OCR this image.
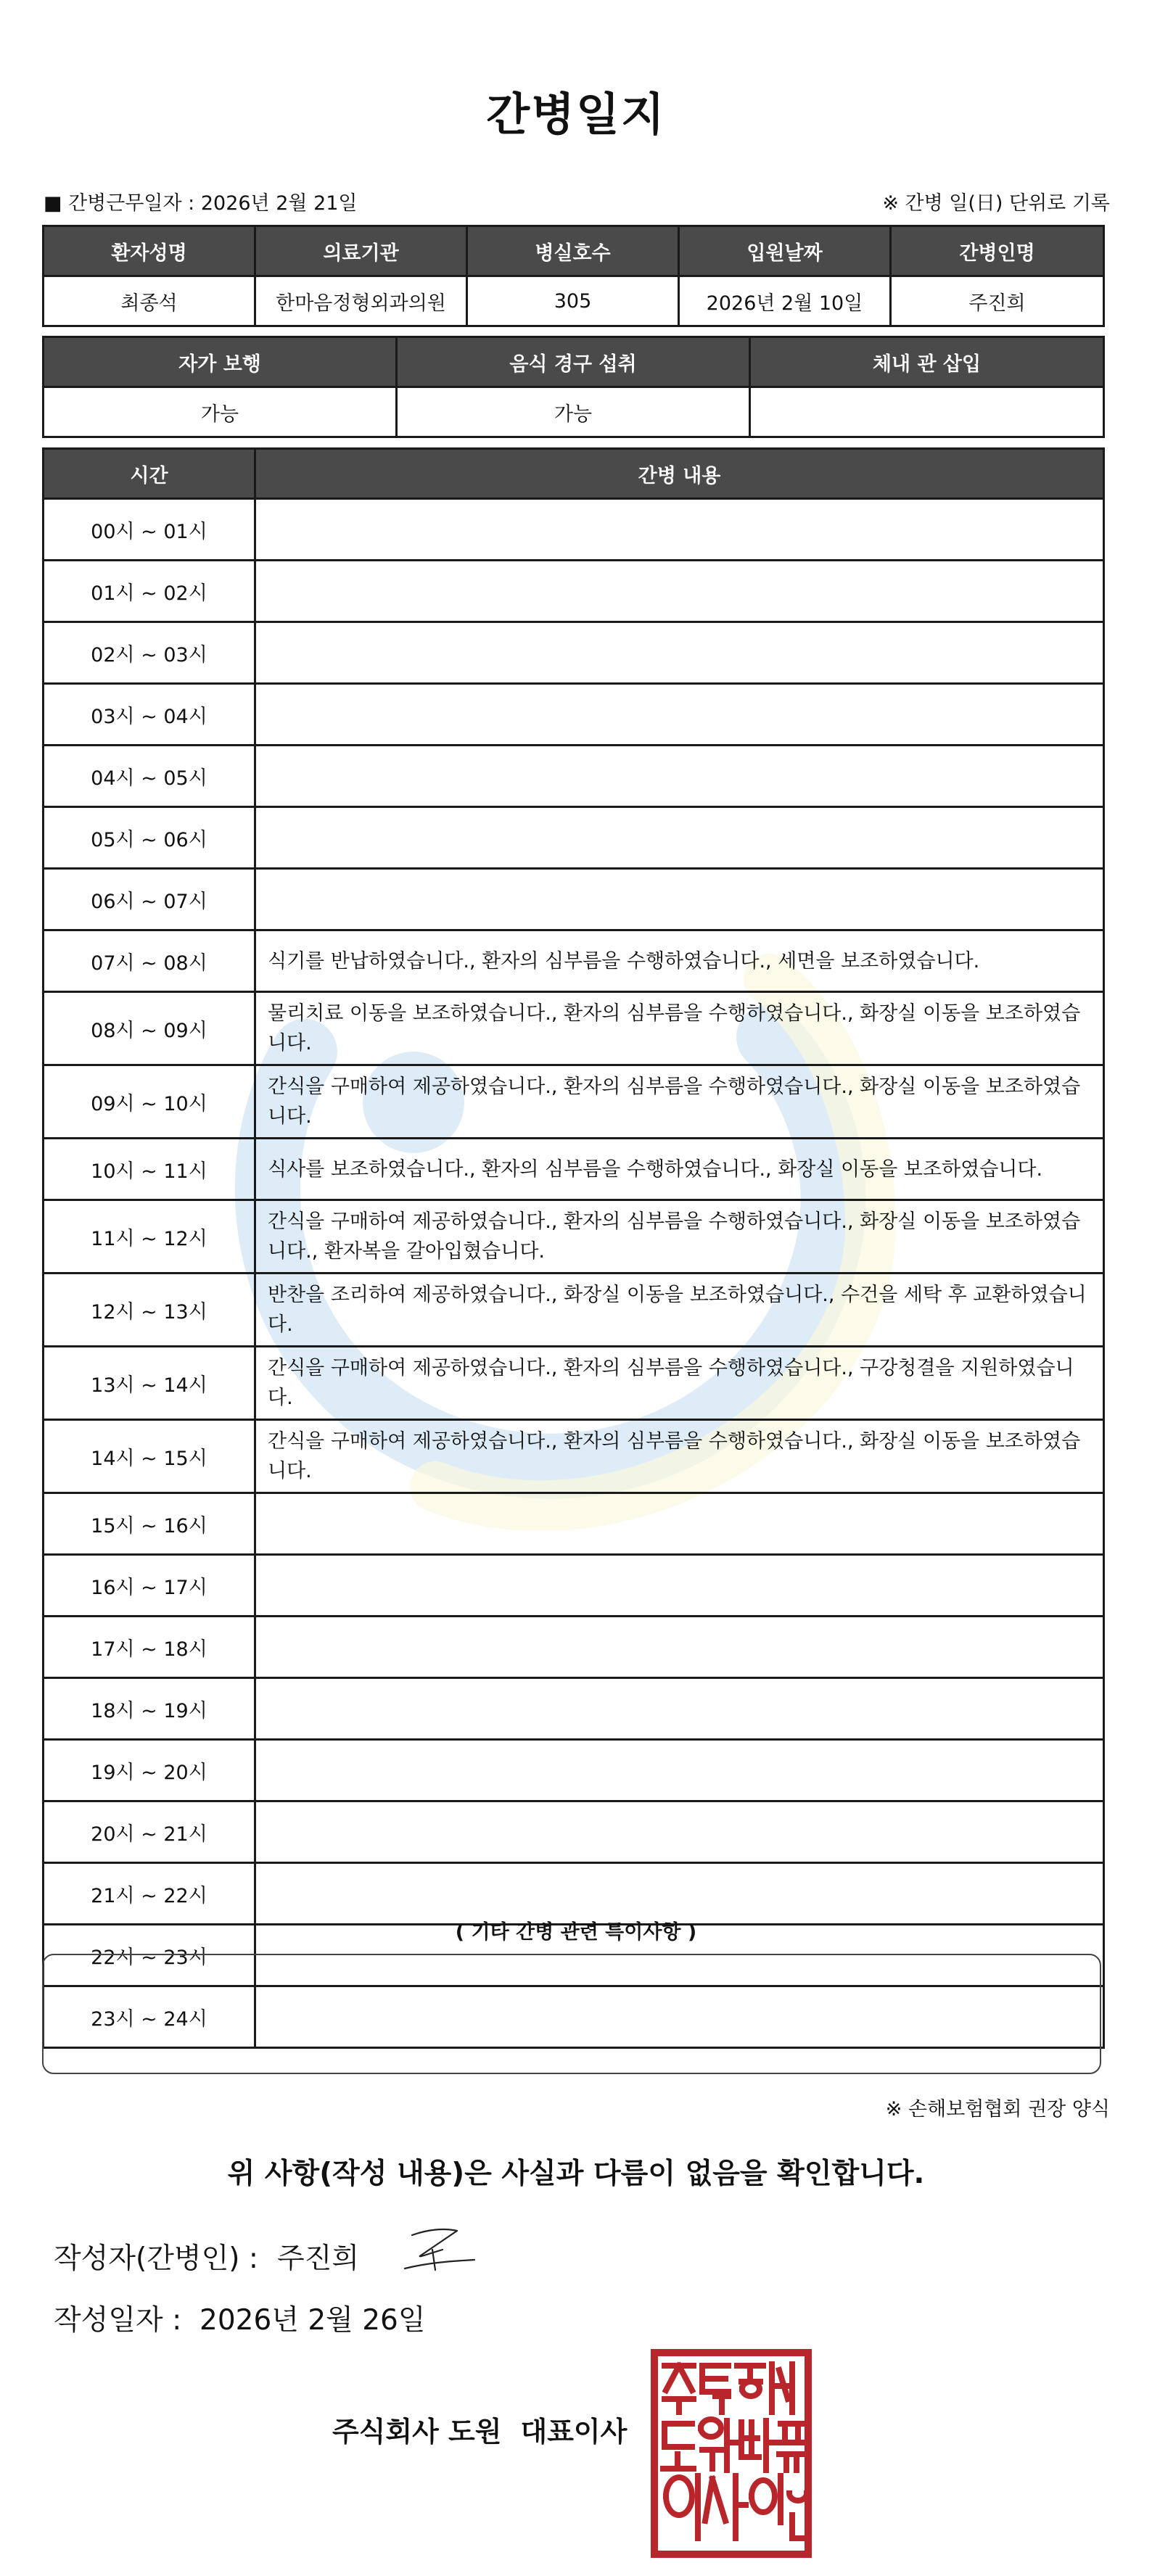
간병일지
■ 간병근무일자 : 2026년 2월 21일	※ 간병 일(日) 단위로 기록
환자성명	의료기관	병실호수	입원날짜	간병인명
최종석	한마음정형외과의원	305	2026년 2월 10일	주진희
자가 보행	음식 경구 섭취	체내 관 삽입
가능	가능	
시간	간병 내용
00시 ~ 01시	
01시 ~ 02시	
02시 ~ 03시	
03시 ~ 04시	
04시 ~ 05시	
05시 ~ 06시	
06시 ~ 07시	
07시 ~ 08시	식기를 반납하였습니다., 환자의 심부름을 수행하였습니다., 세면을 보조하였습니다.
08시 ~ 09시	물리치료 이동을 보조하였습니다., 환자의 심부름을 수행하였습니다., 화장실 이동을 보조하였습니다.
09시 ~ 10시	간식을 구매하여 제공하였습니다., 환자의 심부름을 수행하였습니다., 화장실 이동을 보조하였습니다.
10시 ~ 11시	식사를 보조하였습니다., 환자의 심부름을 수행하였습니다., 화장실 이동을 보조하였습니다.
11시 ~ 12시	간식을 구매하여 제공하였습니다., 환자의 심부름을 수행하였습니다., 화장실 이동을 보조하였습니다., 환자복을 갈아입혔습니다.
12시 ~ 13시	반찬을 조리하여 제공하였습니다., 화장실 이동을 보조하였습니다., 수건을 세탁 후 교환하였습니다.
13시 ~ 14시	간식을 구매하여 제공하였습니다., 환자의 심부름을 수행하였습니다., 구강청결을 지원하였습니다.
14시 ~ 15시	간식을 구매하여 제공하였습니다., 환자의 심부름을 수행하였습니다., 화장실 이동을 보조하였습니다.
15시 ~ 16시	
16시 ~ 17시	
17시 ~ 18시	
18시 ~ 19시	
19시 ~ 20시	
20시 ~ 21시	
21시 ~ 22시	
22시 ~ 23시	
23시 ~ 24시	
( 기타 간병 관련 특이사항 )
※ 손해보험협회 권장 양식
위 사항(작성 내용)은 사실과 다름이 없음을 확인합니다.
작성자(간병인) : 주진희
작성일자 : 2026년 2월 26일
주식회사 도원 대표이사
